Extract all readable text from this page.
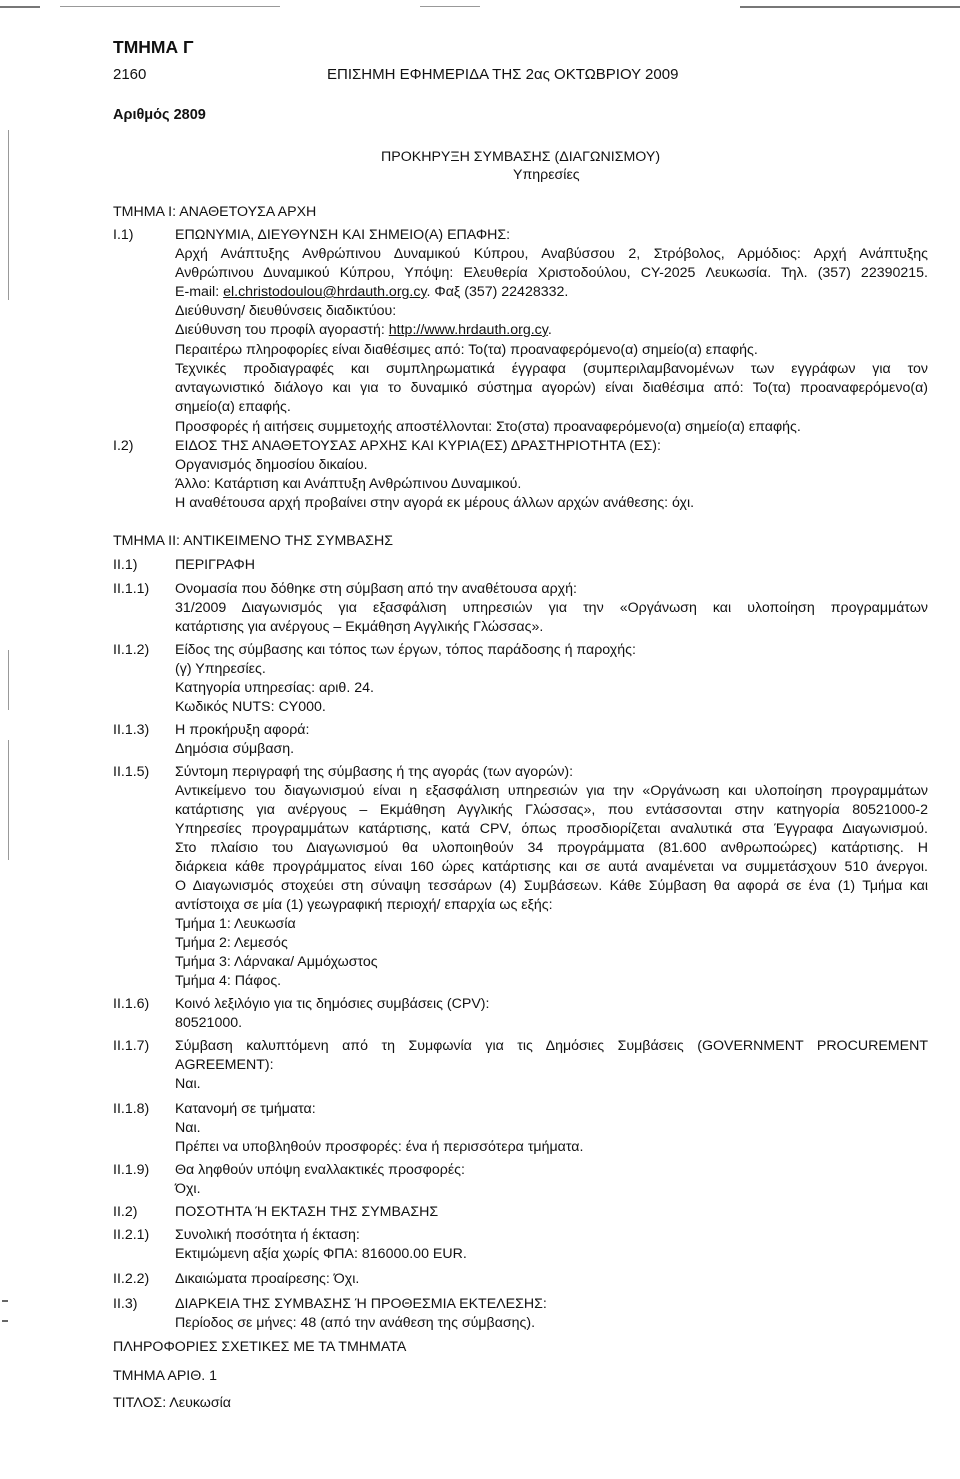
ΤΜΗΜΑ Γ
2160	ΕΠΙΣΗΜΗ ΕΦΗΜΕΡΙΔΑ ΤΗΣ 2ας ΟΚΤΩΒΡΙΟΥ 2009
Αριθμός 2809
ΠΡΟΚΗΡΥΞΗ ΣΥΜΒΑΣΗΣ (ΔΙΑΓΩΝΙΣΜΟΥ)
Υπηρεσίες
ΤΜΗΜΑ Ι: ΑΝΑΘΕΤΟΥΣΑ ΑΡΧΗ
I.1)	ΕΠΩΝΥΜΙΑ, ΔΙΕΥΘΥΝΣΗ ΚΑΙ ΣΗΜΕΙΟ(Α) ΕΠΑΦΗΣ:
Αρχή Ανάπτυξης Ανθρώπινου Δυναμικού Κύπρου, Αναβύσσου 2, Στρόβολος, Αρμόδιος: Αρχή Ανάπτυξης
Ανθρώπινου Δυναμικού Κύπρου, Υπόψη: Ελευθερία Χριστοδούλου, CY-2025 Λευκωσία. Τηλ. (357) 22390215.
E-mail: el.christodoulou@hrdauth.org.cy. Φαξ (357) 22428332.
Διεύθυνση/ διευθύνσεις διαδικτύου:
Διεύθυνση του προφίλ αγοραστή: http://www.hrdauth.org.cy.
Περαιτέρω πληροφορίες είναι διαθέσιμες από: Το(τα) προαναφερόμενο(α) σημείο(α) επαφής.
Τεχνικές προδιαγραφές και συμπληρωματικά έγγραφα (συμπεριλαμβανομένων των εγγράφων για τον
ανταγωνιστικό διάλογο και για το δυναμικό σύστημα αγορών) είναι διαθέσιμα από: Το(τα) προαναφερόμενο(α)
σημείο(α) επαφής.
Προσφορές ή αιτήσεις συμμετοχής αποστέλλονται: Στο(στα) προαναφερόμενο(α) σημείο(α) επαφής.
I.2)	ΕΙΔΟΣ ΤΗΣ ΑΝΑΘΕΤΟΥΣΑΣ ΑΡΧΗΣ ΚΑΙ ΚΥΡΙΑ(ΕΣ) ΔΡΑΣΤΗΡΙΟΤΗΤΑ (ΕΣ):
Οργανισμός δημοσίου δικαίου.
Άλλο: Κατάρτιση και Ανάπτυξη Ανθρώπινου Δυναμικού.
Η αναθέτουσα αρχή προβαίνει στην αγορά εκ μέρους άλλων αρχών ανάθεσης: όχι.
ΤΜΗΜΑ ΙΙ: ΑΝΤΙΚΕΙΜΕΝΟ ΤΗΣ ΣΥΜΒΑΣΗΣ
II.1)	ΠΕΡΙΓΡΑΦΗ
II.1.1) Ονομασία που δόθηκε στη σύμβαση από την αναθέτουσα αρχή:
31/2009 Διαγωνισμός για εξασφάλιση υπηρεσιών για την «Οργάνωση και υλοποίηση προγραμμάτων
κατάρτισης για ανέργους – Εκμάθηση Αγγλικής Γλώσσας».
II.1.2) Είδος της σύμβασης και τόπος των έργων, τόπος παράδοσης ή παροχής:
(γ) Υπηρεσίες.
Κατηγορία υπηρεσίας: αριθ. 24.
Κωδικός NUTS: CY000.
II.1.3) Η προκήρυξη αφορά:
Δημόσια σύμβαση.
II.1.5) Σύντομη περιγραφή της σύμβασης ή της αγοράς (των αγορών):
Αντικείμενο του διαγωνισμού είναι η εξασφάλιση υπηρεσιών για την «Οργάνωση και υλοποίηση προγραμμάτων
κατάρτισης για ανέργους – Εκμάθηση Αγγλικής Γλώσσας», που εντάσσονται στην κατηγορία 80521000-2
Υπηρεσίες προγραμμάτων κατάρτισης, κατά CPV, όπως προσδιορίζεται αναλυτικά στα Έγγραφα Διαγωνισμού.
Στο πλαίσιο του Διαγωνισμού θα υλοποιηθούν 34 προγράμματα (81.600 ανθρωποώρες) κατάρτισης. Η
διάρκεια κάθε προγράμματος είναι 160 ώρες κατάρτισης και σε αυτά αναμένεται να συμμετάσχουν 510 άνεργοι.
Ο Διαγωνισμός στοχεύει στη σύναψη τεσσάρων (4) Συμβάσεων. Κάθε Σύμβαση θα αφορά σε ένα (1) Τμήμα και
αντίστοιχα σε μία (1) γεωγραφική περιοχή/ επαρχία ως εξής:
Τμήμα 1: Λευκωσία
Τμήμα 2: Λεμεσός
Τμήμα 3: Λάρνακα/ Αμμόχωστος
Τμήμα 4: Πάφος.
II.1.6) Κοινό λεξιλόγιο για τις δημόσιες συμβάσεις (CPV):
80521000.
II.1.7) Σύμβαση καλυπτόμενη από τη Συμφωνία για τις Δημόσιες Συμβάσεις (GOVERNMENT PROCUREMENT
AGREEMENT):
Ναι.
II.1.8) Κατανομή σε τμήματα:
Ναι.
Πρέπει να υποβληθούν προσφορές: ένα ή περισσότερα τμήματα.
II.1.9) Θα ληφθούν υπόψη εναλλακτικές προσφορές:
Όχι.
II.2)	ΠΟΣΟΤΗΤΑ Ή ΕΚΤΑΣΗ ΤΗΣ ΣΥΜΒΑΣΗΣ
II.2.1) Συνολική ποσότητα ή έκταση:
Εκτιμώμενη αξία χωρίς ΦΠΑ: 816000.00 EUR.
II.2.2) Δικαιώματα προαίρεσης: Όχι.
II.3)	ΔΙΑΡΚΕΙΑ ΤΗΣ ΣΥΜΒΑΣΗΣ Ή ΠΡΟΘΕΣΜΙΑ ΕΚΤΕΛΕΣΗΣ:
Περίοδος σε μήνες: 48 (από την ανάθεση της σύμβασης).
ΠΛΗΡΟΦΟΡΙΕΣ ΣΧΕΤΙΚΕΣ ΜΕ ΤΑ ΤΜΗΜΑΤΑ
ΤΜΗΜΑ ΑΡΙΘ. 1
ΤΙΤΛΟΣ: Λευκωσία
